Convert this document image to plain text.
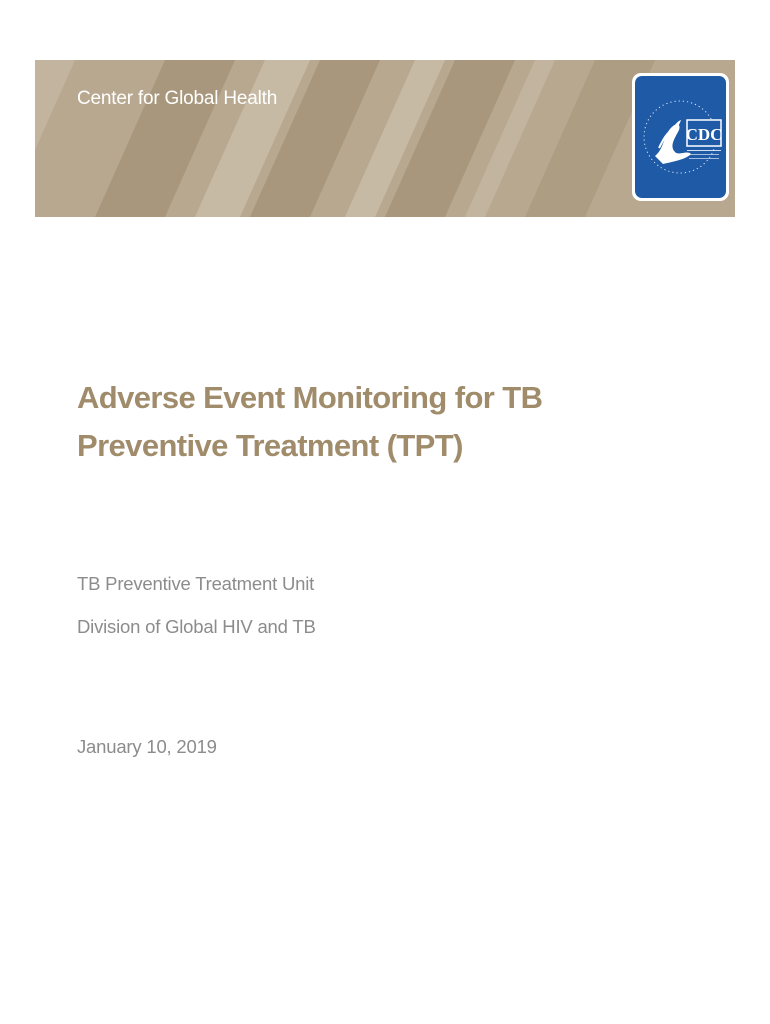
Center for Global Health
CDC
Adverse Event Monitoring for TB Preventive Treatment (TPT)
TB Preventive Treatment Unit
Division of Global HIV and TB
January 10, 2019
